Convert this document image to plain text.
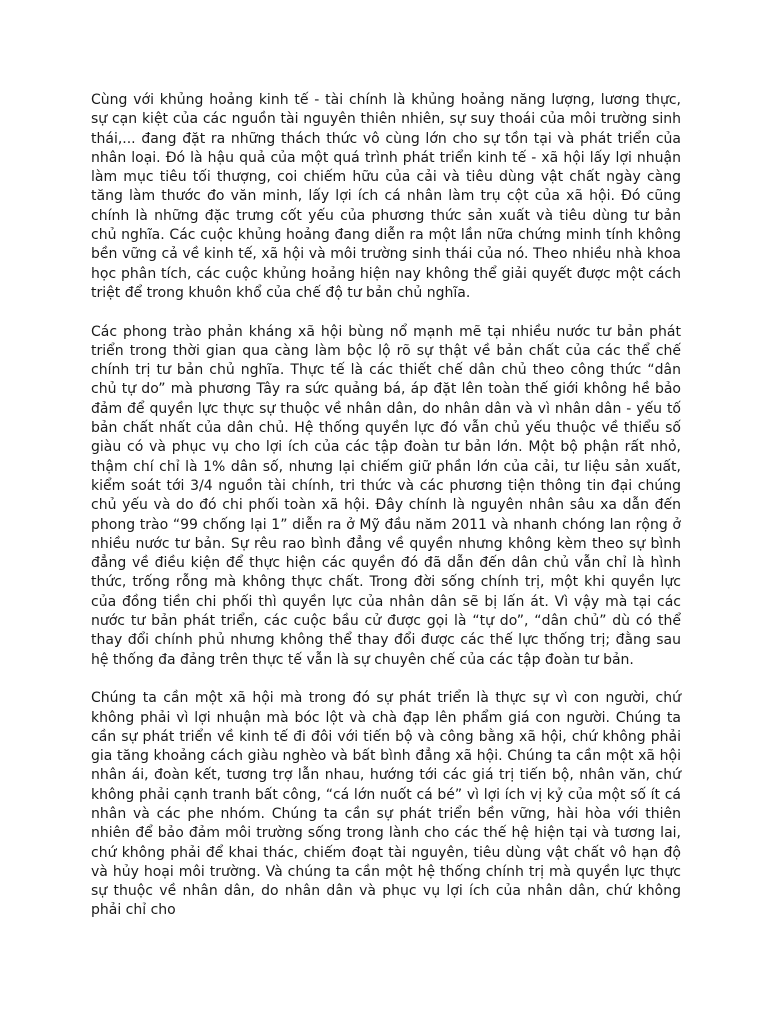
Cùng với khủng hoảng kinh tế - tài chính là khủng hoảng năng lượng, lương thực, sự cạn kiệt của các nguồn tài nguyên thiên nhiên, sự suy thoái của môi trường sinh thái,... đang đặt ra những thách thức vô cùng lớn cho sự tồn tại và phát triển của nhân loại. Đó là hậu quả của một quá trình phát triển kinh tế - xã hội lấy lợi nhuận làm mục tiêu tối thượng, coi chiếm hữu của cải và tiêu dùng vật chất ngày càng tăng làm thước đo văn minh, lấy lợi ích cá nhân làm trụ cột của xã hội. Đó cũng chính là những đặc trưng cốt yếu của phương thức sản xuất và tiêu dùng tư bản chủ nghĩa. Các cuộc khủng hoảng đang diễn ra một lần nữa chứng minh tính không bền vững cả về kinh tế, xã hội và môi trường sinh thái của nó. Theo nhiều nhà khoa học phân tích, các cuộc khủng hoảng hiện nay không thể giải quyết được một cách triệt để trong khuôn khổ của chế độ tư bản chủ nghĩa.

Các phong trào phản kháng xã hội bùng nổ mạnh mẽ tại nhiều nước tư bản phát triển trong thời gian qua càng làm bộc lộ rõ sự thật về bản chất của các thể chế chính trị tư bản chủ nghĩa. Thực tế là các thiết chế dân chủ theo công thức “dân chủ tự do” mà phương Tây ra sức quảng bá, áp đặt lên toàn thế giới không hề bảo đảm để quyền lực thực sự thuộc về nhân dân, do nhân dân và vì nhân dân - yếu tố bản chất nhất của dân chủ. Hệ thống quyền lực đó vẫn chủ yếu thuộc về thiểu số giàu có và phục vụ cho lợi ích của các tập đoàn tư bản lớn. Một bộ phận rất nhỏ, thậm chí chỉ là 1% dân số, nhưng lại chiếm giữ phần lớn của cải, tư liệu sản xuất, kiểm soát tới 3/4 nguồn tài chính, tri thức và các phương tiện thông tin đại chúng chủ yếu và do đó chi phối toàn xã hội. Đây chính là nguyên nhân sâu xa dẫn đến phong trào “99 chống lại 1” diễn ra ở Mỹ đầu năm 2011 và nhanh chóng lan rộng ở nhiều nước tư bản. Sự rêu rao bình đẳng về quyền nhưng không kèm theo sự bình đẳng về điều kiện để thực hiện các quyền đó đã dẫn đến dân chủ vẫn chỉ là hình thức, trống rỗng mà không thực chất. Trong đời sống chính trị, một khi quyền lực của đồng tiền chi phối thì quyền lực của nhân dân sẽ bị lấn át. Vì vậy mà tại các nước tư bản phát triển, các cuộc bầu cử được gọi là “tự do”, “dân chủ” dù có thể thay đổi chính phủ nhưng không thể thay đổi được các thế lực thống trị; đằng sau hệ thống đa đảng trên thực tế vẫn là sự chuyên chế của các tập đoàn tư bản.

Chúng ta cần một xã hội mà trong đó sự phát triển là thực sự vì con người, chứ không phải vì lợi nhuận mà bóc lột và chà đạp lên phẩm giá con người. Chúng ta cần sự phát triển về kinh tế đi đôi với tiến bộ và công bằng xã hội, chứ không phải gia tăng khoảng cách giàu nghèo và bất bình đẳng xã hội. Chúng ta cần một xã hội nhân ái, đoàn kết, tương trợ lẫn nhau, hướng tới các giá trị tiến bộ, nhân văn, chứ không phải cạnh tranh bất công, “cá lớn nuốt cá bé” vì lợi ích vị kỷ của một số ít cá nhân và các phe nhóm. Chúng ta cần sự phát triển bền vững, hài hòa với thiên nhiên để bảo đảm môi trường sống trong lành cho các thế hệ hiện tại và tương lai, chứ không phải để khai thác, chiếm đoạt tài nguyên, tiêu dùng vật chất vô hạn độ và hủy hoại môi trường. Và chúng ta cần một hệ thống chính trị mà quyền lực thực sự thuộc về nhân dân, do nhân dân và phục vụ lợi ích của nhân dân, chứ không phải chỉ cho
